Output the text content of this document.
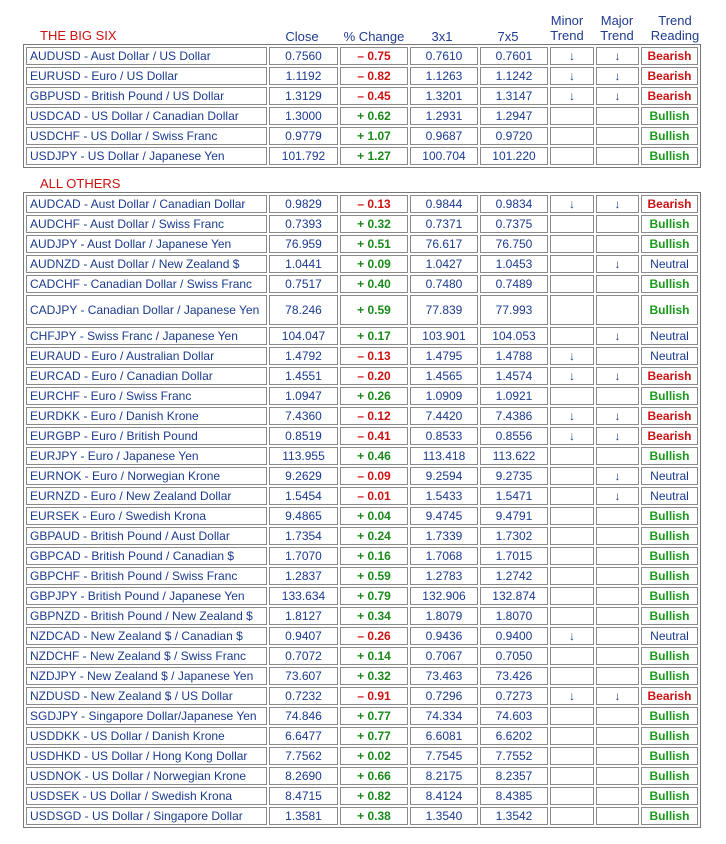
Close	% Change	3x1	7x5
Minor
Trend
Major
Trend
Trend
Reading
THE BIG SIX
ALL OTHERS
AUDUSD - Aust Dollar / US Dollar	0.7560	– 0.75	0.7610	0.7601	↓	↓	Bearish
EURUSD - Euro / US Dollar	1.1192	– 0.82	1.1263	1.1242	↓	↓	Bearish
GBPUSD - British Pound / US Dollar	1.3129	– 0.45	1.3201	1.3147	↓	↓	Bearish
USDCAD - US Dollar / Canadian Dollar	1.3000	+ 0.62	1.2931	1.2947			Bullish
USDCHF - US Dollar / Swiss Franc	0.9779	+ 1.07	0.9687	0.9720			Bullish
USDJPY - US Dollar / Japanese Yen	101.792	+ 1.27	100.704	101.220			Bullish
AUDCAD - Aust Dollar / Canadian Dollar	0.9829	– 0.13	0.9844	0.9834	↓	↓	Bearish
AUDCHF - Aust Dollar / Swiss Franc	0.7393	+ 0.32	0.7371	0.7375			Bullish
AUDJPY - Aust Dollar / Japanese Yen	76.959	+ 0.51	76.617	76.750			Bullish
AUDNZD - Aust Dollar / New Zealand $	1.0441	+ 0.09	1.0427	1.0453		↓	Neutral
CADCHF - Canadian Dollar / Swiss Franc	0.7517	+ 0.40	0.7480	0.7489			Bullish
CADJPY - Canadian Dollar / Japanese Yen	78.246	+ 0.59	77.839	77.993			Bullish
CHFJPY - Swiss Franc / Japanese Yen	104.047	+ 0.17	103.901	104.053		↓	Neutral
EURAUD - Euro / Australian Dollar	1.4792	– 0.13	1.4795	1.4788	↓		Neutral
EURCAD - Euro / Canadian Dollar	1.4551	– 0.20	1.4565	1.4574	↓	↓	Bearish
EURCHF - Euro / Swiss Franc	1.0947	+ 0.26	1.0909	1.0921			Bullish
EURDKK - Euro / Danish Krone	7.4360	– 0.12	7.4420	7.4386	↓	↓	Bearish
EURGBP - Euro / British Pound	0.8519	– 0.41	0.8533	0.8556	↓	↓	Bearish
EURJPY - Euro / Japanese Yen	113.955	+ 0.46	113.418	113.622			Bullish
EURNOK - Euro / Norwegian Krone	9.2629	– 0.09	9.2594	9.2735		↓	Neutral
EURNZD - Euro / New Zealand Dollar	1.5454	– 0.01	1.5433	1.5471		↓	Neutral
EURSEK - Euro / Swedish Krona	9.4865	+ 0.04	9.4745	9.4791			Bullish
GBPAUD - British Pound / Aust Dollar	1.7354	+ 0.24	1.7339	1.7302			Bullish
GBPCAD - British Pound / Canadian $	1.7070	+ 0.16	1.7068	1.7015			Bullish
GBPCHF - British Pound / Swiss Franc	1.2837	+ 0.59	1.2783	1.2742			Bullish
GBPJPY - British Pound / Japanese Yen	133.634	+ 0.79	132.906	132.874			Bullish
GBPNZD - British Pound / New Zealand $	1.8127	+ 0.34	1.8079	1.8070			Bullish
NZDCAD - New Zealand $ / Canadian $	0.9407	– 0.26	0.9436	0.9400	↓		Neutral
NZDCHF - New Zealand $ / Swiss Franc	0.7072	+ 0.14	0.7067	0.7050			Bullish
NZDJPY - New Zealand $ / Japanese Yen	73.607	+ 0.32	73.463	73.426			Bullish
NZDUSD - New Zealand $ / US Dollar	0.7232	– 0.91	0.7296	0.7273	↓	↓	Bearish
SGDJPY - Singapore Dollar/Japanese Yen	74.846	+ 0.77	74.334	74.603			Bullish
USDDKK - US Dollar / Danish Krone	6.6477	+ 0.77	6.6081	6.6202			Bullish
USDHKD - US Dollar / Hong Kong Dollar	7.7562	+ 0.02	7.7545	7.7552			Bullish
USDNOK - US Dollar / Norwegian Krone	8.2690	+ 0.66	8.2175	8.2357			Bullish
USDSEK - US Dollar / Swedish Krona	8.4715	+ 0.82	8.4124	8.4385			Bullish
USDSGD - US Dollar / Singapore Dollar	1.3581	+ 0.38	1.3540	1.3542			Bullish
